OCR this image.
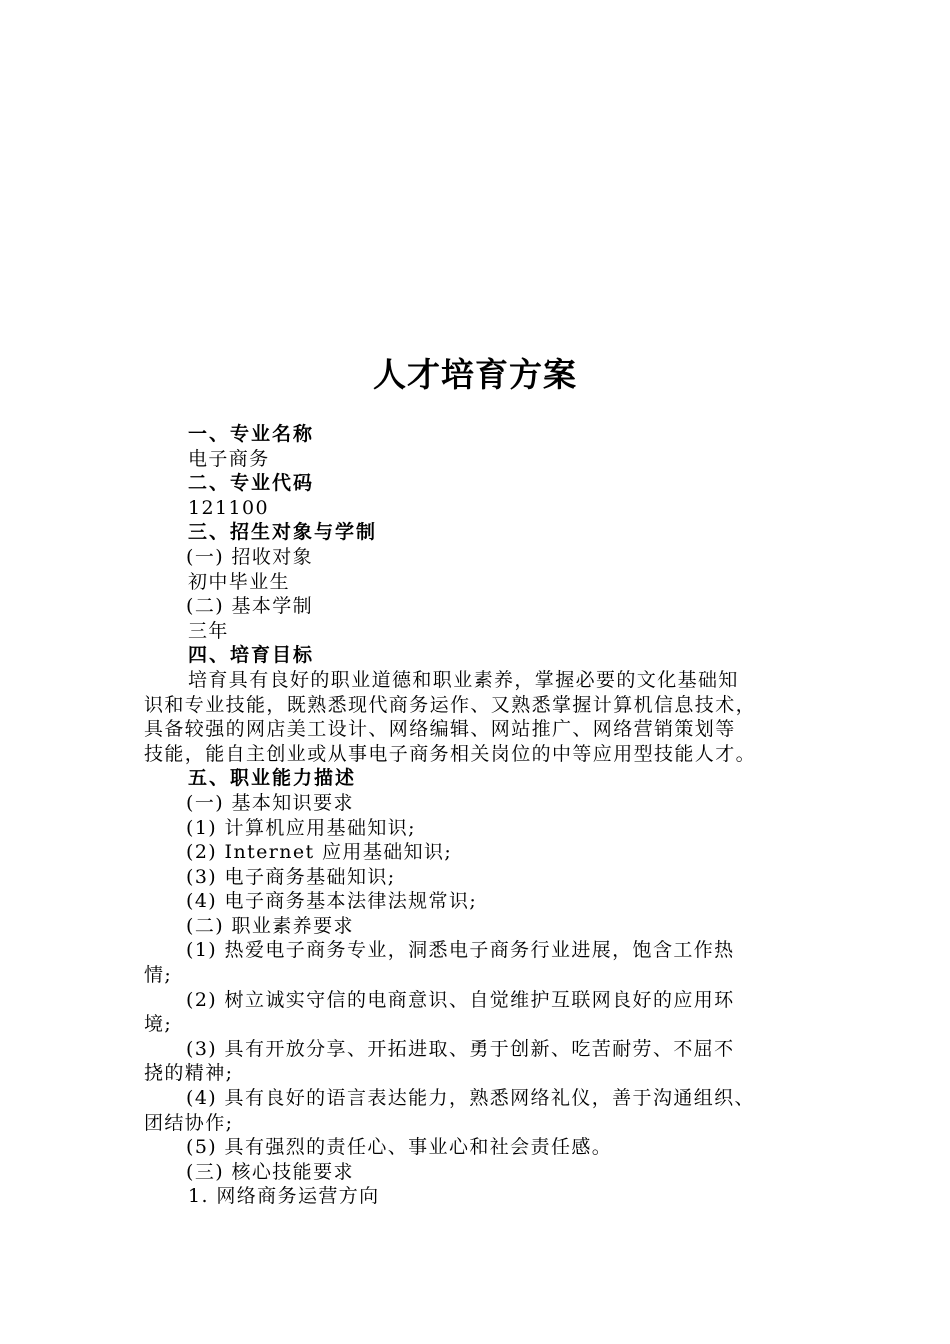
人才培育方案
一、专业名称
电子商务
二、专业代码
121100
三、招生对象与学制
(一) 招收对象
初中毕业生
(二) 基本学制
三年
四、培育目标
培育具有良好的职业道德和职业素养，掌握必要的文化基础知
识和专业技能，既熟悉现代商务运作、又熟悉掌握计算机信息技术，
具备较强的网店美工设计、网络编辑、网站推广、网络营销策划等
技能，能自主创业或从事电子商务相关岗位的中等应用型技能人才。
五、职业能力描述
(一) 基本知识要求
(1) 计算机应用基础知识;
(2) Internet 应用基础知识;
(3) 电子商务基础知识;
(4) 电子商务基本法律法规常识;
(二) 职业素养要求
(1) 热爱电子商务专业，洞悉电子商务行业进展，饱含工作热
情;
(2) 树立诚实守信的电商意识、自觉维护互联网良好的应用环
境;
(3) 具有开放分享、开拓进取、勇于创新、吃苦耐劳、不屈不
挠的精神;
(4) 具有良好的语言表达能力，熟悉网络礼仪，善于沟通组织、
团结协作;
(5) 具有强烈的责任心、事业心和社会责任感。
(三) 核心技能要求
1. 网络商务运营方向
